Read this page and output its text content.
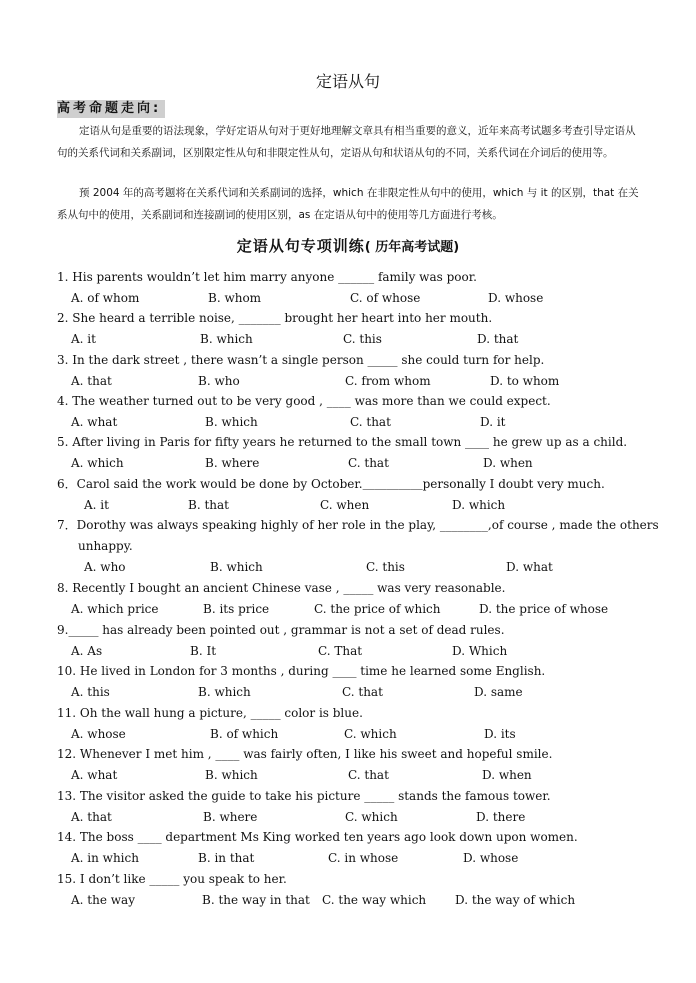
定语从句
高考命题走向:

定语从句是重要的语法现象，学好定语从句对于更好地理解文章具有相当重要的意义，近年来高考试题多考查引导定语从句的关系代词和关系副词，区别限定性从句和非限定性从句，定语从句和状语从句的不同，关系代词在介词后的使用等。

预 2004 年的高考题将在关系代词和关系副词的选择，which 在非限定性从句中的使用，which 与 it 的区别，that 在关系从句中的使用，关系副词和连接副词的使用区别，as 在定语从句中的使用等几方面进行考核。

定语从句专项训练( 历年高考试题)
1. His parents wouldn’t let him marry anyone ______ family was poor.
A. of whom	B. whom	C. of whose	D. whose
2. She heard a terrible noise, _______ brought her heart into her mouth.
A. it	B. which	C. this	D. that
3. In the dark street , there wasn’t a single person _____ she could turn for help.
A. that	B. who	C. from whom	D. to whom
4. The weather turned out to be very good , ____ was more than we could expect.
A. what	B. which	C. that	D. it
5. After living in Paris for fifty years he returned to the small town ____ he grew up as a child.
A. which	B. where	C. that	D. when
6．Carol said the work would be done by October.＿＿＿＿＿personally I doubt very much.
A. it	B. that	C. when	D. which
7．Dorothy was always speaking highly of her role in the play, ________,of course , made the others
unhappy.
A. who	B. which	C. this	D. what
8. Recently I bought an ancient Chinese vase , _____ was very reasonable.
A. which price	B. its price	C. the price of which	D. the price of whose
9._____ has already been pointed out , grammar is not a set of dead rules.
A. As	B. It	C. That	D. Which
10. He lived in London for 3 months , during ____ time he learned some English.
A. this	B. which	C. that	D. same
11. Oh the wall hung a picture, _____ color is blue.
A. whose	B. of which	C. which	D. its
12. Whenever I met him , ____ was fairly often, I like his sweet and hopeful smile.
A. what	B. which	C. that	D. when
13. The visitor asked the guide to take his picture _____ stands the famous tower.
A. that	B. where	C. which	D. there
14. The boss ____ department Ms King worked ten years ago look down upon women.
A. in which	B. in that	C. in whose	D. whose
15. I don’t like _____ you speak to her.
A. the way	B. the way in that C. the way which D. the way of which
